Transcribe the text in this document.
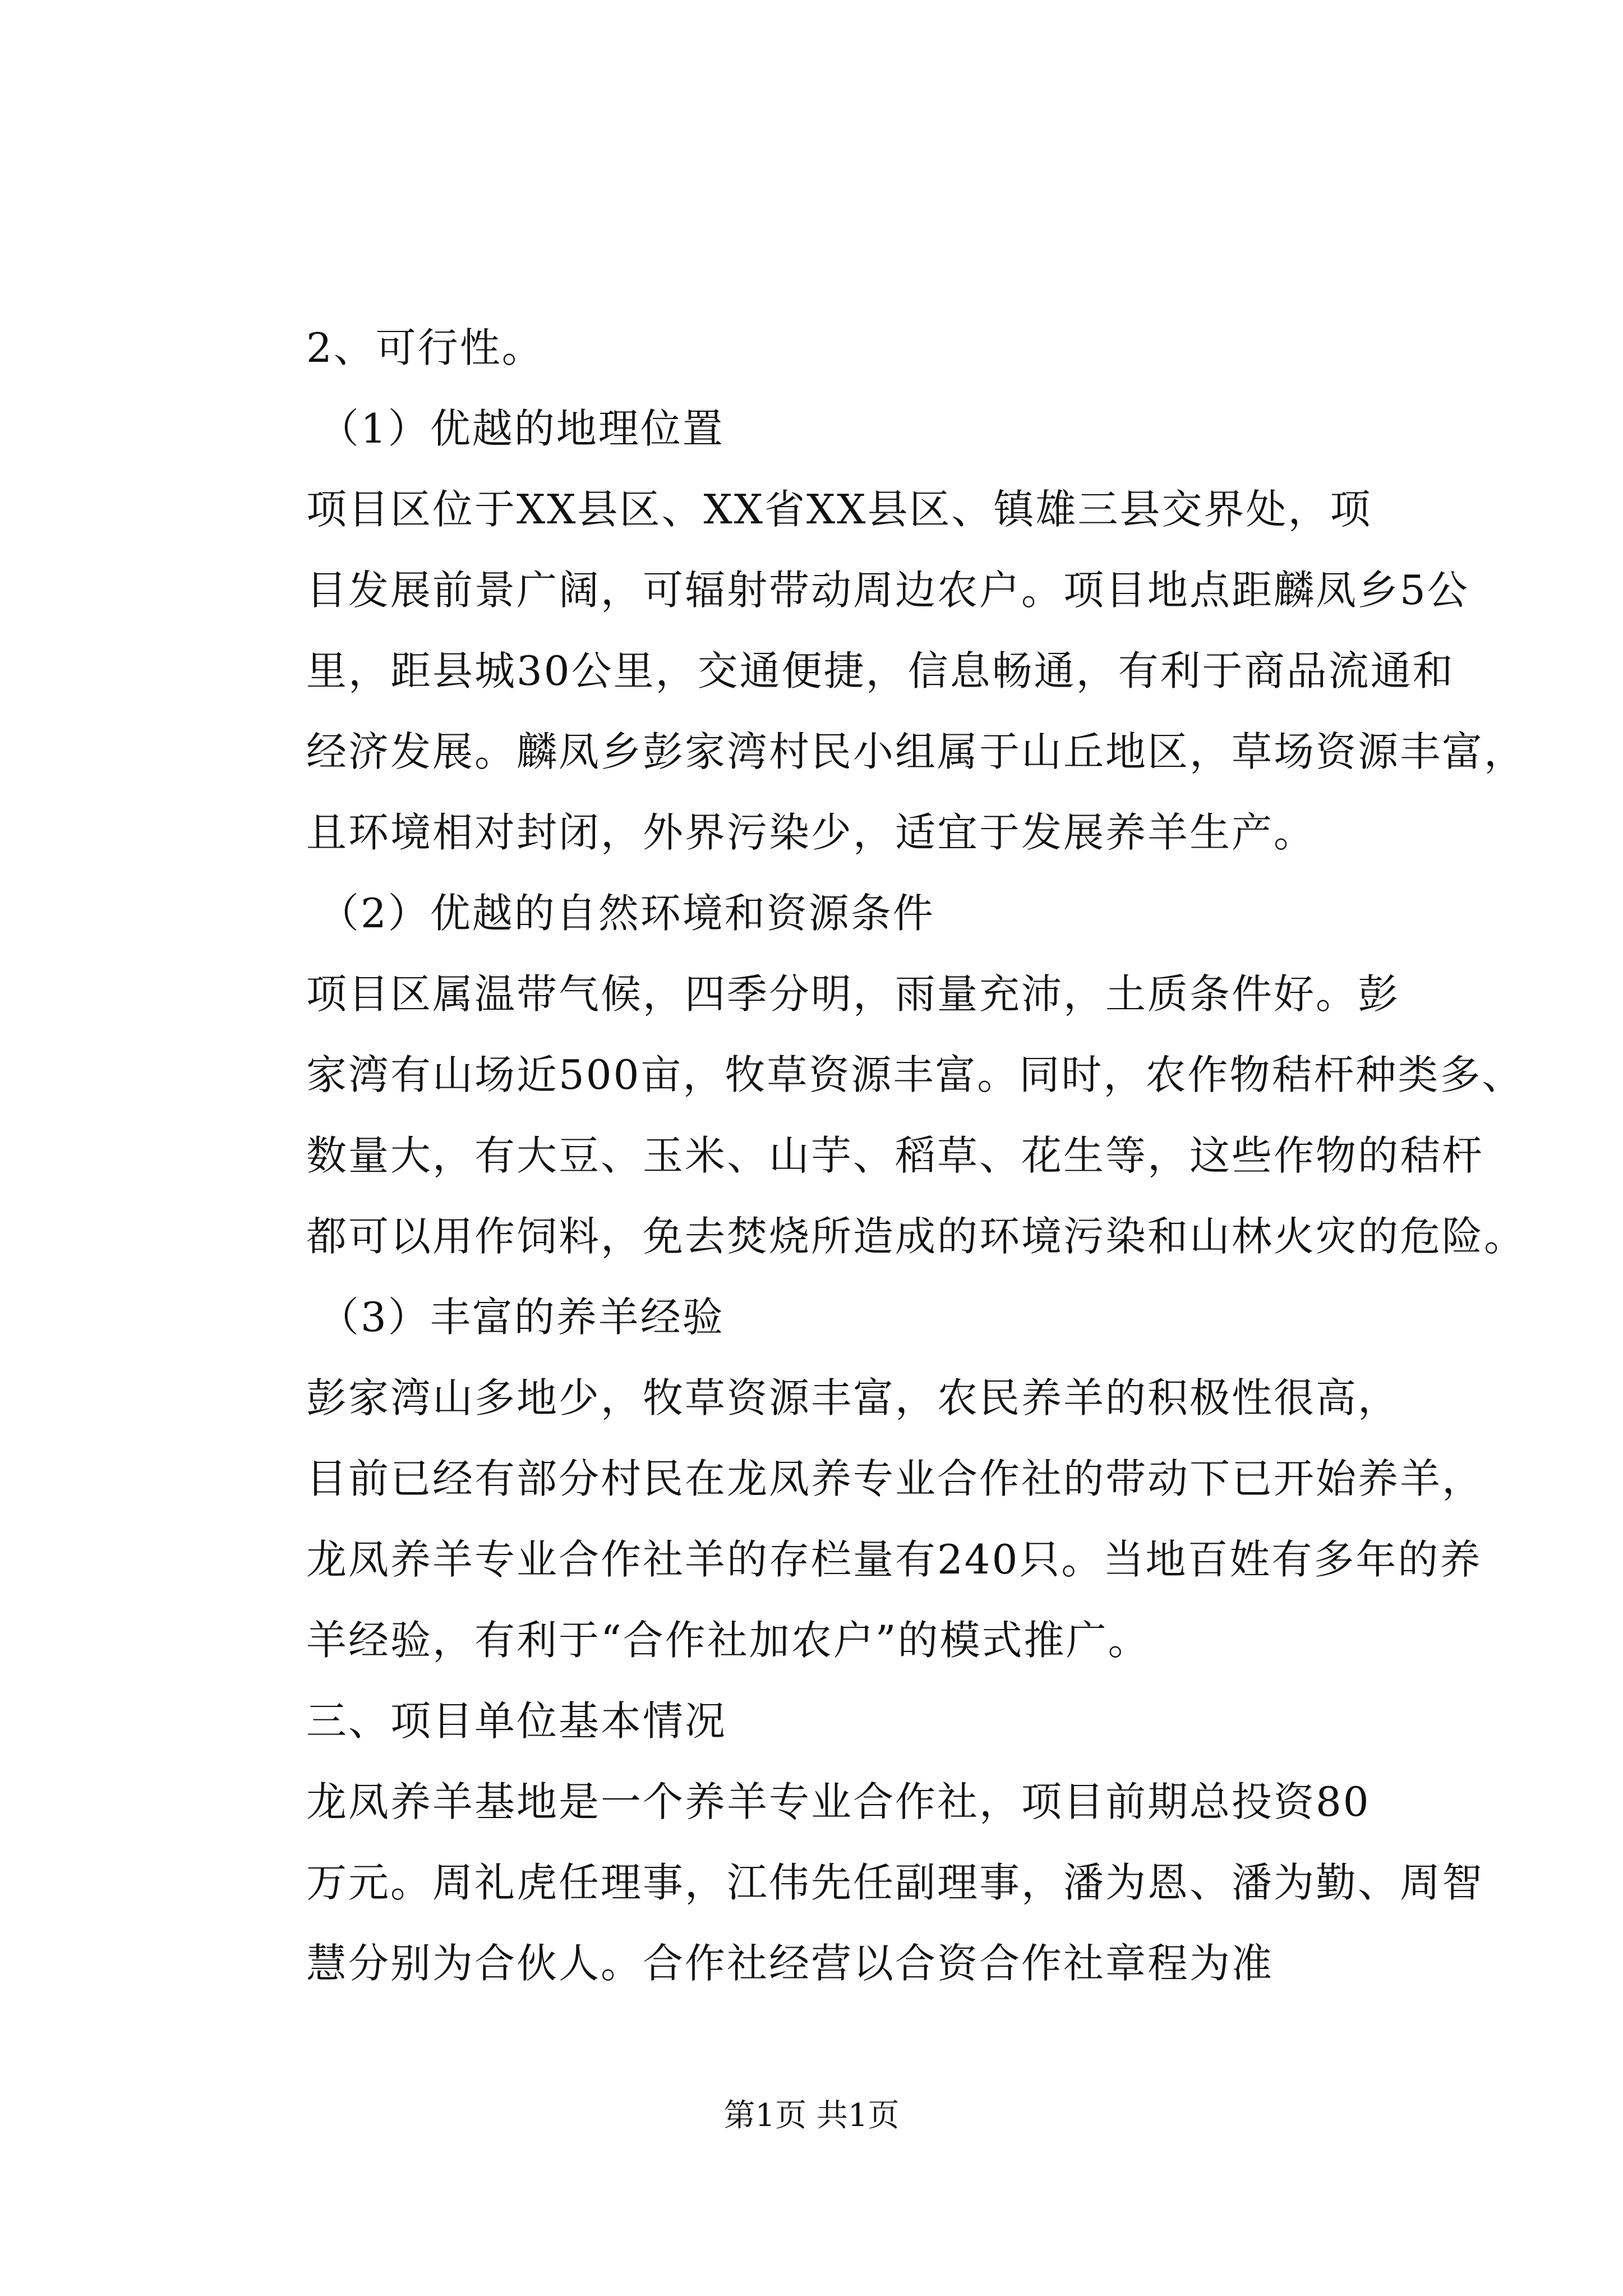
2、可行性。
（1）优越的地理位置
项目区位于XX县区、XX省XX县区、镇雄三县交界处，项
目发展前景广阔，可辐射带动周边农户。项目地点距麟凤乡5公
里，距县城30公里，交通便捷，信息畅通，有利于商品流通和
经济发展。麟凤乡彭家湾村民小组属于山丘地区，草场资源丰富，
且环境相对封闭，外界污染少，适宜于发展养羊生产。
（2）优越的自然环境和资源条件
项目区属温带气候，四季分明，雨量充沛，土质条件好。彭
家湾有山场近500亩，牧草资源丰富。同时，农作物秸杆种类多、
数量大，有大豆、玉米、山芋、稻草、花生等，这些作物的秸杆
都可以用作饲料，免去焚烧所造成的环境污染和山林火灾的危险。
（3）丰富的养羊经验
彭家湾山多地少，牧草资源丰富，农民养羊的积极性很高，
目前已经有部分村民在龙凤养专业合作社的带动下已开始养羊，
龙凤养羊专业合作社羊的存栏量有240只。当地百姓有多年的养
羊经验，有利于“合作社加农户”的模式推广。
三、项目单位基本情况
龙凤养羊基地是一个养羊专业合作社，项目前期总投资80
万元。周礼虎任理事，江伟先任副理事，潘为恩、潘为勤、周智
慧分别为合伙人。合作社经营以合资合作社章程为准
第1页 共1页
